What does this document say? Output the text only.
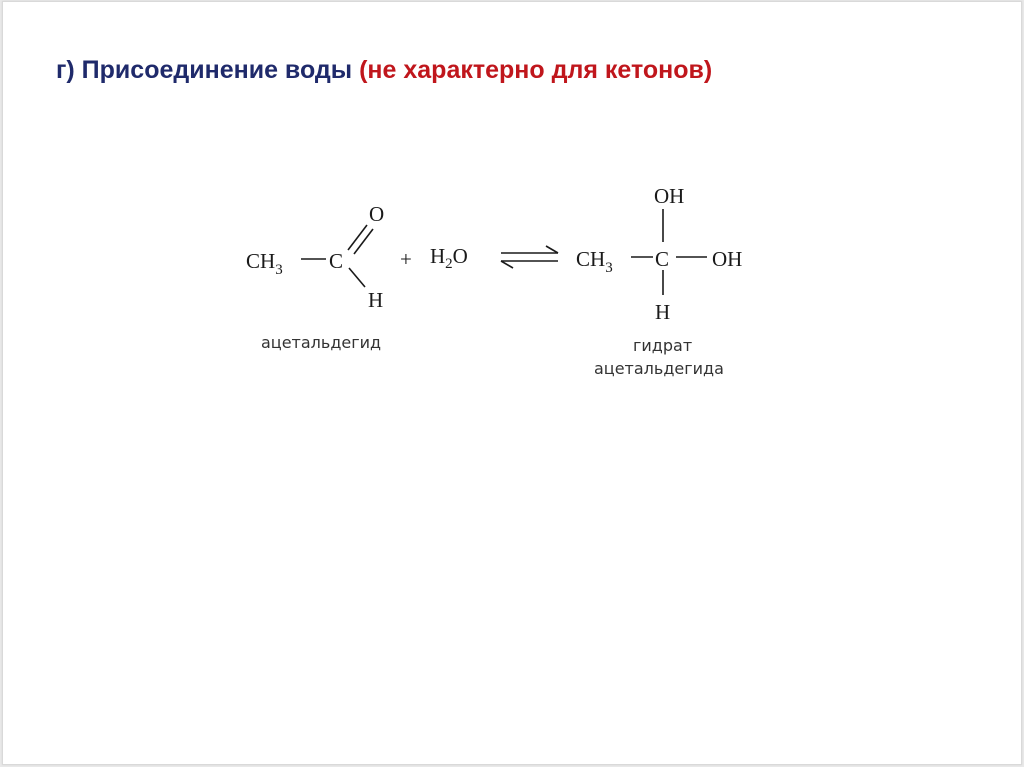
г) Присоединение воды (не характерно для кетонов)
$CH_3$ C
O
H
ацетальдегид
+ $H_2O$	$CH_3$ C
OH
OH
H
гидрат
ацетальдегида
